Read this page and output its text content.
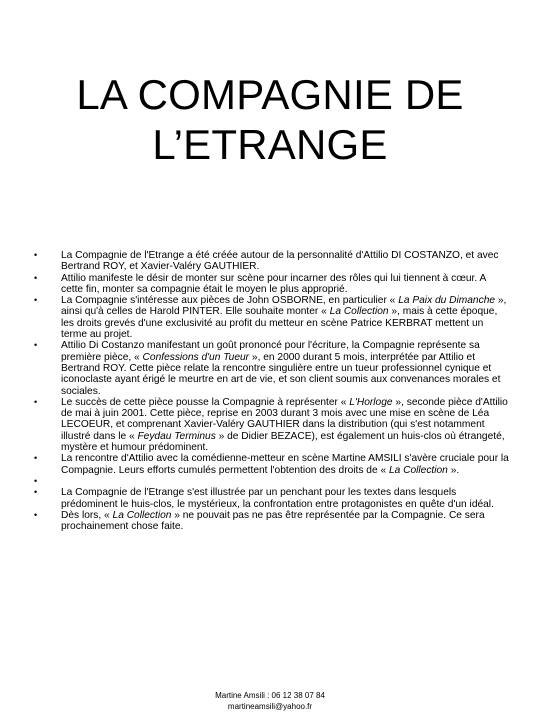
LA COMPAGNIE DE
L’ETRANGE
•	La Compagnie de l'Etrange a été créée autour de la personnalité d'Attilio DI COSTANZO, et avec Bertrand ROY, et Xavier-Valéry GAUTHIER.
•	Attilio manifeste le désir de monter sur scène pour incarner des rôles qui lui tiennent à cœur. A cette fin, monter sa compagnie était le moyen le plus approprié.
•	La Compagnie s'intéresse aux pièces de John OSBORNE, en particulier « La Paix du Dimanche », ainsi qu'à celles de Harold PINTER. Elle souhaite monter « La Collection », mais à cette époque, les droits grevés d'une exclusivité au profit du metteur en scène Patrice KERBRAT mettent un terme au projet.
•	Attilio Di Costanzo manifestant un goût prononcé pour l'écriture, la Compagnie représente sa première pièce, « Confessions d'un Tueur », en 2000 durant 5 mois, interprétée par Attilio et Bertrand ROY. Cette pièce relate la rencontre singulière entre un tueur professionnel cynique et iconoclaste ayant érigé le meurtre en art de vie, et son client soumis aux convenances morales et sociales.
•	Le succès de cette pièce pousse la Compagnie à représenter « L'Horloge », seconde pièce d'Attilio de mai à juin 2001. Cette pièce, reprise en 2003 durant 3 mois avec une mise en scène de Léa LECOEUR, et comprenant Xavier-Valéry GAUTHIER dans la distribution (qui s'est notamment illustré dans le « Feydau Terminus » de Didier BEZACE), est également un huis-clos où étrangeté, mystère et humour prédominent.
•	La rencontre d'Attilio avec la comédienne-metteur en scène Martine AMSILI s'avère cruciale pour la Compagnie. Leurs efforts cumulés permettent l'obtention des droits de « La Collection ».
•

•	La Compagnie de l'Etrange s'est illustrée par un penchant pour les textes dans lesquels prédominent le huis-clos, le mystérieux, la confrontation entre protagonistes en quête d'un idéal.
•	Dès lors, « La Collection » ne pouvait pas ne pas être représentée par la Compagnie. Ce sera prochainement chose faite.
Martine Amsili : 06 12 38 07 84
martineamsili@yahoo.fr
